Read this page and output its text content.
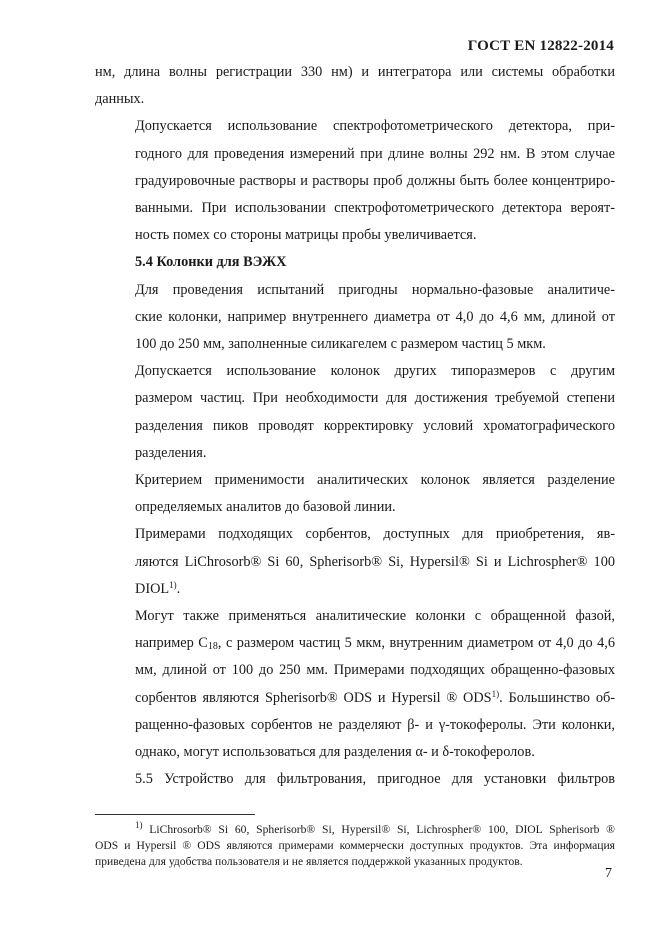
ГОСТ EN 12822-2014

нм, длина волны регистрации 330 нм) и интегратора или системы обработки
данных.

Допускается использование спектрофотометрического детектора, при-
годного для проведения измерений при длине волны 292 нм. В этом случае
градуировочные растворы и растворы проб должны быть более концентриро-
ванными. При использовании спектрофотометрического детектора вероят-
ность помех со стороны матрицы пробы увеличивается.

5.4 Колонки для ВЭЖХ

Для проведения испытаний пригодны нормально-фазовые аналитиче-
ские колонки, например внутреннего диаметра от 4,0 до 4,6 мм, длиной от
100 до 250 мм, заполненные силикагелем с размером частиц 5 мкм.

Допускается использование колонок других типоразмеров с другим
размером частиц. При необходимости для достижения требуемой степени
разделения пиков проводят корректировку условий хроматографического
разделения.

Критерием применимости аналитических колонок является разделение
определяемых аналитов до базовой линии.

Примерами подходящих сорбентов, доступных для приобретения, яв-
ляются LiChrosorb® Si 60, Spherisorb® Si, Hypersil® Si и Lichrospher® 100
DIOL$^{1)}$.

Могут также применяться аналитические колонки с обращенной фазой,
например $С_{18}$, с размером частиц 5 мкм, внутренним диаметром от 4,0 до 4,6
мм, длиной от 100 до 250 мм. Примерами подходящих обращенно-фазовых
сорбентов являются Spherisorb® ODS и Hypersil ® ODS$^{1)}$. Большинство об-
ращенно-фазовых сорбентов не разделяют β- и γ-токоферолы. Эти колонки,
однако, могут использоваться для разделения α- и δ-токоферолов.

5.5 Устройство для фильтрования, пригодное для установки фильтров

$^{1)}$ LiChrosorb® Si 60, Spherisorb® Si, Hypersil® Si, Lichrospher® 100, DIOL Spherisorb ®
ODS и Hypersil ® ODS являются примерами коммерчески доступных продуктов. Эта информация
приведена для удобства пользователя и не является поддержкой указанных продуктов.
7
